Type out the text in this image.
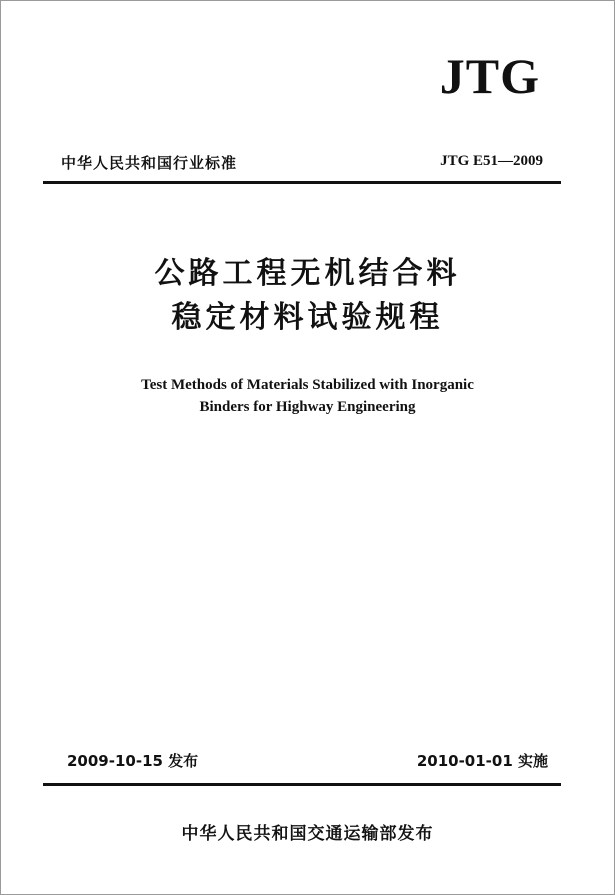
JTG
中华人民共和国行业标准	JTG E51—2009
公路工程无机结合料
稳定材料试验规程
Test Methods of Materials Stabilized with Inorganic
Binders for Highway Engineering
2009-10-15 发布	2010-01-01 实施
中华人民共和国交通运输部发布
